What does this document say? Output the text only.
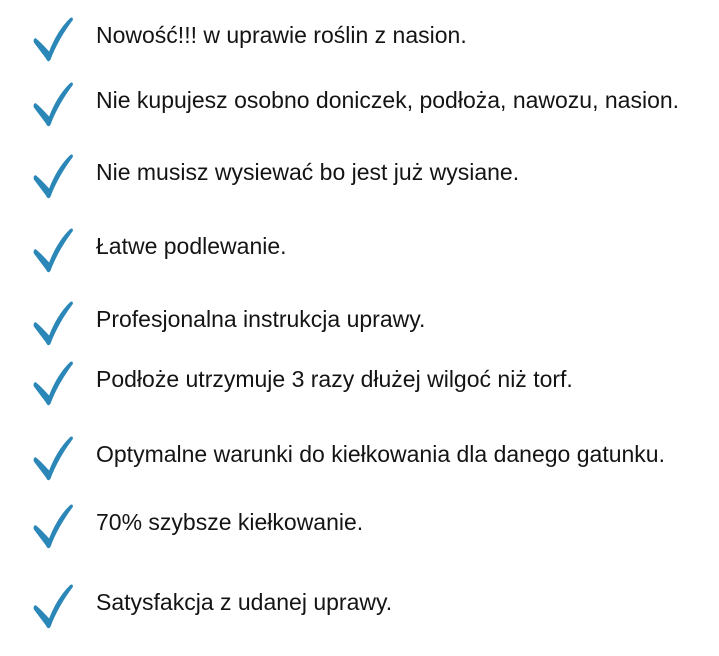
Nowość!!! w uprawie roślin z nasion.
Nie kupujesz osobno doniczek, podłoża, nawozu, nasion.
Nie musisz wysiewać bo jest już wysiane.
Łatwe podlewanie.
Profesjonalna instrukcja uprawy.
Podłoże utrzymuje 3 razy dłużej wilgoć niż torf.
Optymalne warunki do kiełkowania dla danego gatunku.
70% szybsze kiełkowanie.
Satysfakcja z udanej uprawy.
